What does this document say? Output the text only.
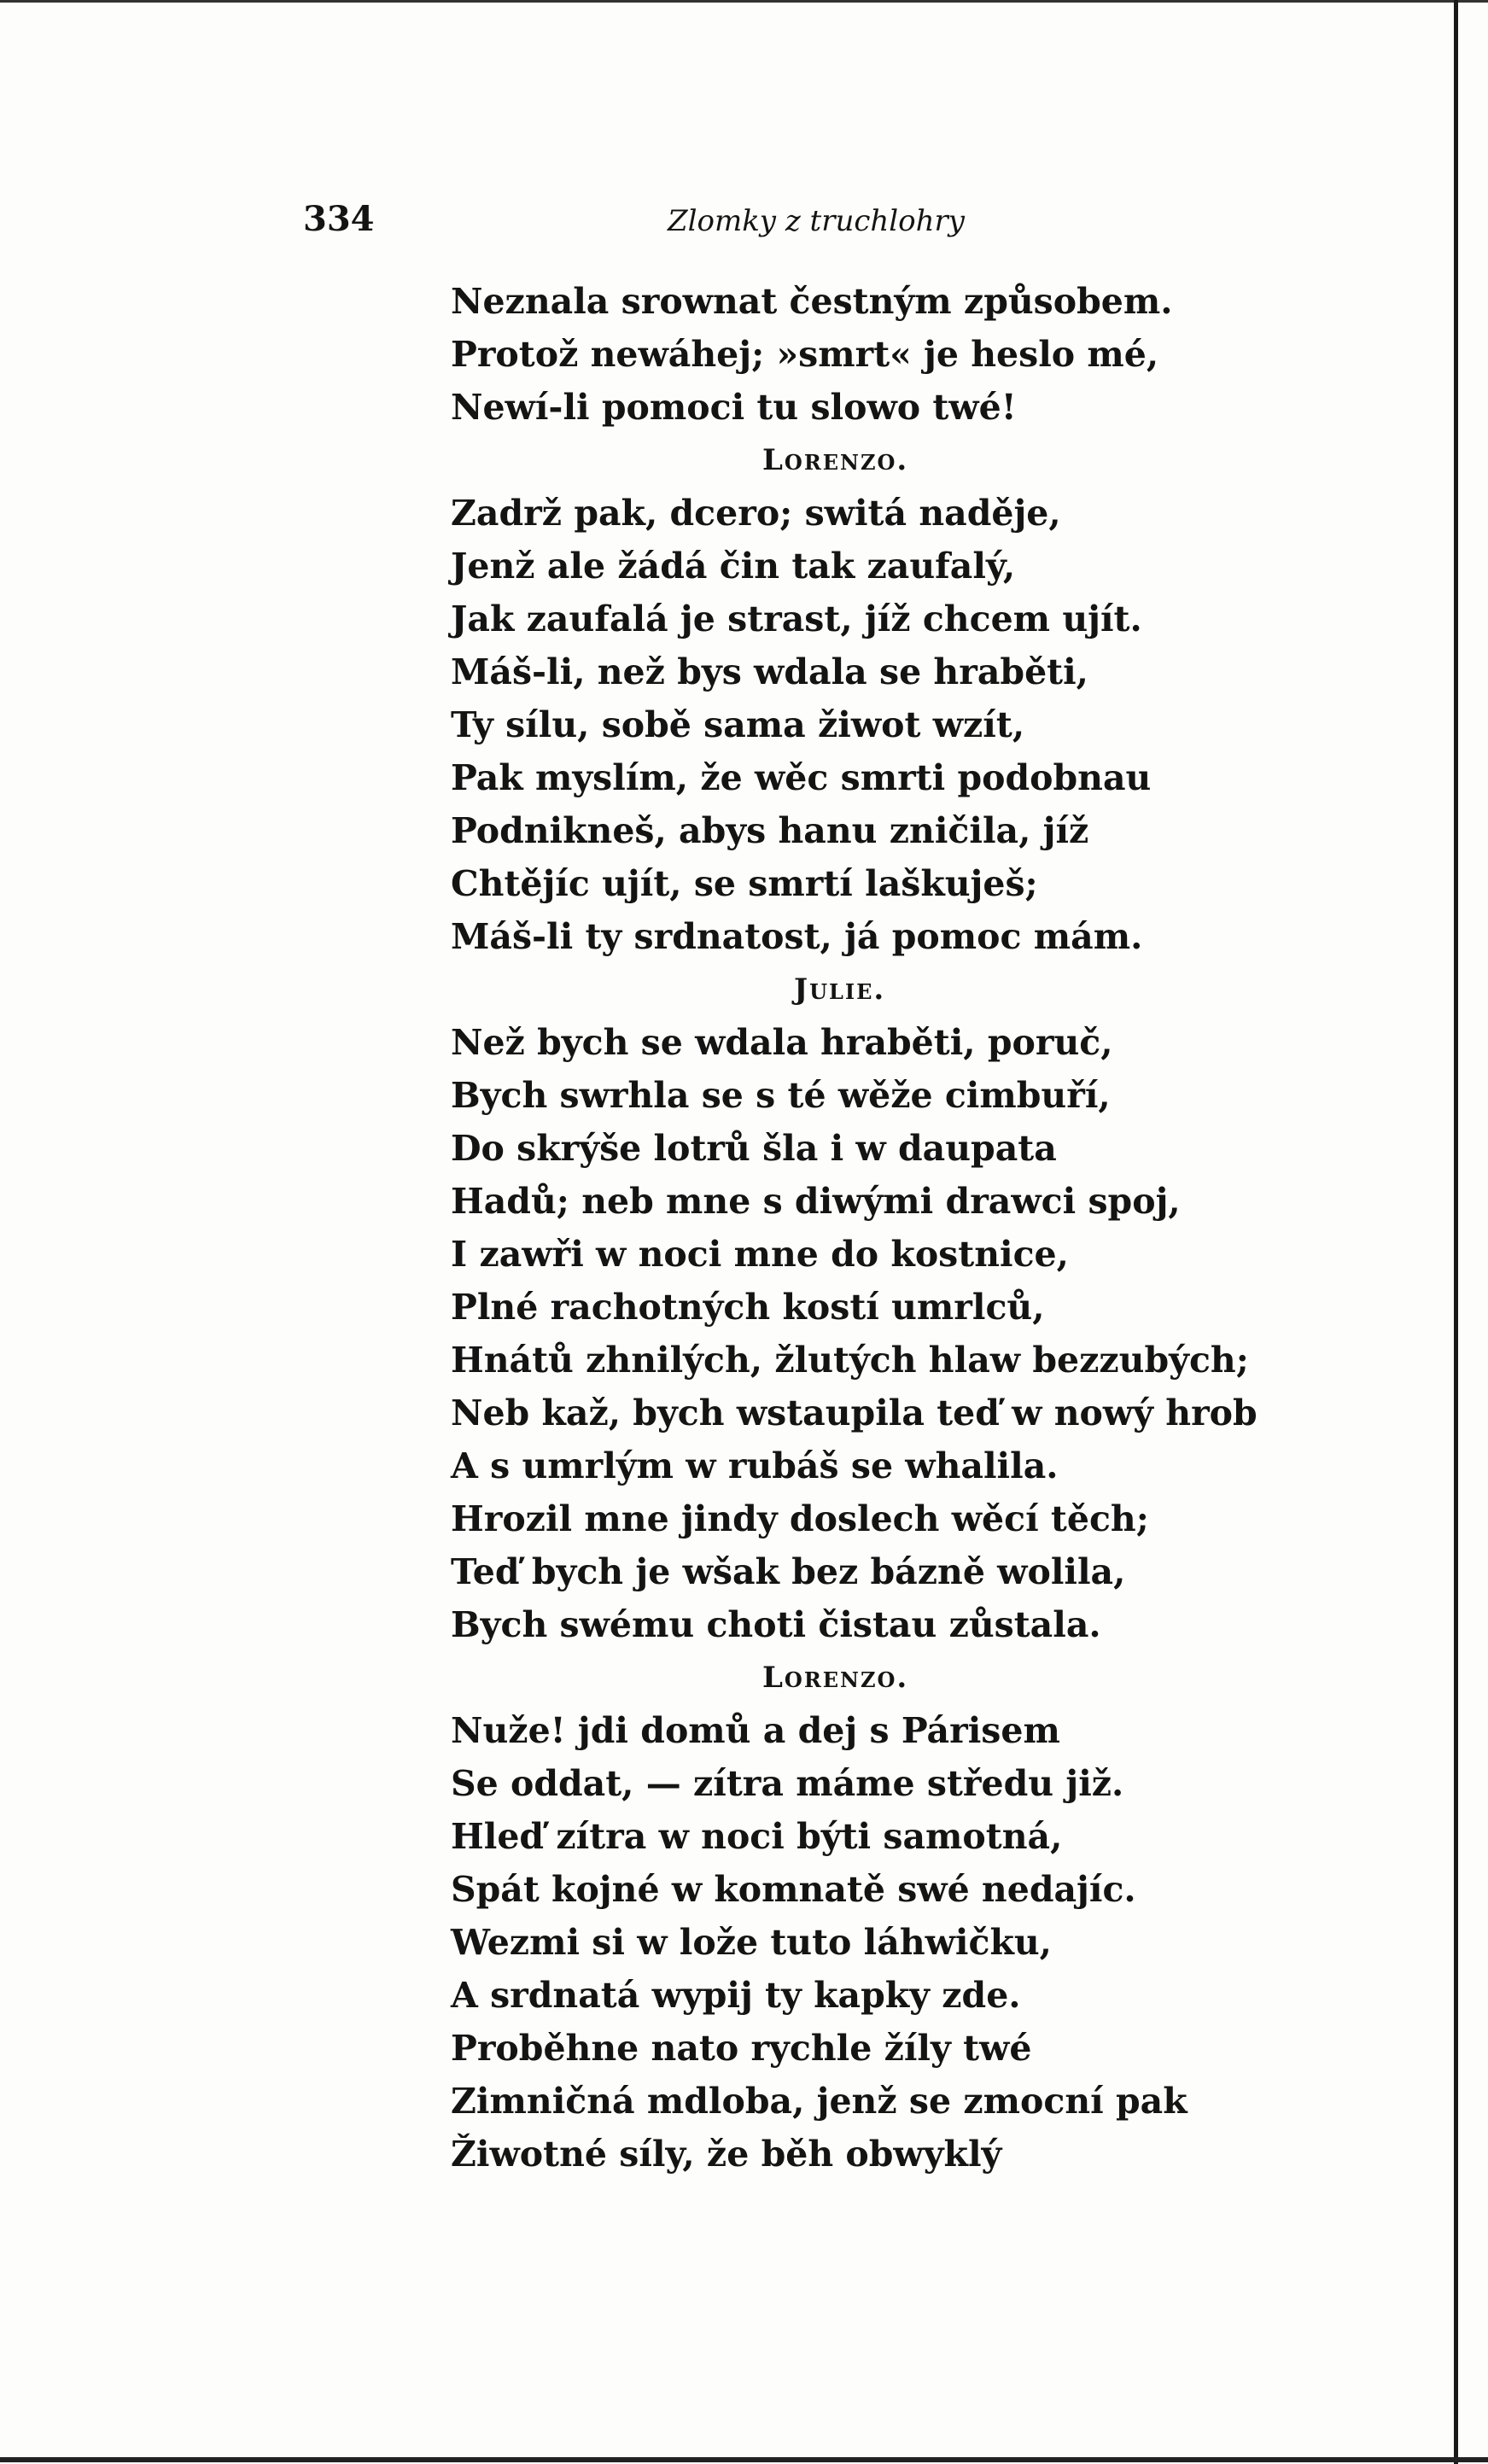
334	Zlomky z truchlohry
Neznala srownat čestným způsobem.
Protož newáhej; »smrt« je heslo mé,
Newí-li pomoci tu slowo twé!
Lorenzo.
Zadrž pak, dcero; switá naděje,
Jenž ale žádá čin tak zaufalý,
Jak zaufalá je strast, jíž chcem ujít.
Máš-li, než bys wdala se hraběti,
Ty sílu, sobě sama žiwot wzít,
Pak myslím, že wěc smrti podobnau
Podnikneš, abys hanu zničila, jíž
Chtějíc ujít, se smrtí laškuješ;
Máš-li ty srdnatost, já pomoc mám.
Julie.
Než bych se wdala hraběti, poruč,
Bych swrhla se s té wěže cimbuří,
Do skrýše lotrů šla i w daupata
Hadů; neb mne s diwými drawci spoj,
I zawři w noci mne do kostnice,
Plné rachotných kostí umrlců,
Hnátů zhnilých, žlutých hlaw bezzubých;
Neb kaž, bych wstaupila teď w nowý hrob
A s umrlým w rubáš se whalila.
Hrozil mne jindy doslech wěcí těch;
Teď bych je wšak bez bázně wolila,
Bych swému choti čistau zůstala.
Lorenzo.
Nuže! jdi domů a dej s Párisem
Se oddat, — zítra máme středu již.
Hleď zítra w noci býti samotná,
Spát kojné w komnatě swé nedajíc.
Wezmi si w lože tuto láhwičku,
A srdnatá wypij ty kapky zde.
Proběhne nato rychle žíly twé
Zimničná mdloba, jenž se zmocní pak
Žiwotné síly, že běh obwyklý
